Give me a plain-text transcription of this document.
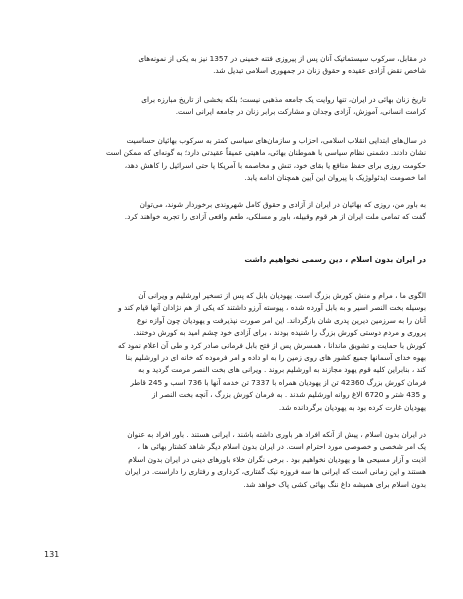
در مقابل، سرکوب سیستماتیک آنان پس از پیروزی فتنه خمینی در 1357 نیز به یکی از نمونه‌های
شاخص نقض آزادی عقیده و حقوق زنان در جمهوری اسلامی تبدیل شد.
تاریخ زنان بهائی در ایران، تنها روایت یک جامعه مذهبی نیست؛ بلکه بخشی از تاریخ مبارزه برای
کرامت انسانی، آموزش، آزادی وجدان و مشارکت برابر زنان در جامعه ایرانی است.
در سال‌های ابتدایی انقلاب اسلامی، احزاب و سازمان‌های سیاسی کمتر به سرکوب بهائیان حساسیت
نشان دادند. دشمنی نظام سیاسی با هموطنان بهائی، ماهیتی عمیقاً عقیدتی دارد؛ به گونه‌ای که ممکن است
حکومت روزی برای حفظ منافع یا بقای خود، تنش و مخاصمه با آمریکا یا حتی اسرائیل را کاهش دهد،
اما خصومت ایدئولوژیک با پیروان این آیین همچنان ادامه یابد.
به باور من، روزی که بهائیان در ایران از آزادی و حقوق کامل شهروندی برخوردار شوند، می‌توان
گفت که تمامی ملت ایران از هر قوم وقبیله، باور و مسلکی، طعم واقعی آزادی را تجربه خواهند کرد.
در ایران بدون اسلام ، دین رسمی نخواهیم داشت
الگوی ما ، مرام و منش کورش بزرگ است. یهودیان بابل که پس از تسخیر اورشلیم و ویرانی آن
بوسیله بخت النصر اسیر و به بابل آورده شده ، پیوسته آرزو داشتند که یکی از هم نژادان آنها قیام کند و
آنان را به سرزمین دیرین پدری شان بازگرداند. این امر صورت نپذیرفت و یهودیان چون آوازه نوع
پروری و مردم دوستی کورش بزرگ را شنیده بودند ، برای آزادی خود چشم امید به کورش دوختند.
کورش با حمایت و تشویق ماندانا ، همسرش پس از فتح بابل فرمانی صادر کرد و طی آن اعلام نمود که
بهوه خدای آسمانها جمیع کشور های روی زمین را به او داده و امر فرموده که خانه ای در اورشلیم بنا
کند ، بنابراین کلیه قوم یهود مجازند به اورشلیم بروند . ویرانی های بخت النصر مرمت گردید و به
فرمان کورش بزرگ 42360 تن از یهودیان همراه با 7337 تن خدمه آنها با 736 اسب و 245 قاطر
و 435 شتر و 6720 الاغ روانه اورشلیم شدند . به فرمان کورش بزرگ ، آنچه بخت النصر از
یهودیان غارت کرده بود به یهودیان برگردانده شد.
در ایران بدون اسلام ، پیش از آنکه افراد هر باوری داشته باشند ، ایرانی هستند . باور افراد به عنوان
یک امر شخصی و خصوصی مورد احترام است. در ایران بدون اسلام دیگر شاهد کشتار بهائی ها ،
اذیت و آزار مسیحی ها و یهودیان نخواهیم بود . برخی نگران خلاء باورهای دینی در ایران بدون اسلام
هستند و این زمانی است که ایرانی ها سه فروزه نیک گفتاری، کرداری و رفتاری را داراست. در ایران
بدون اسلام برای همیشه داغ ننگ بهائی کشی پاک خواهد شد.
131
